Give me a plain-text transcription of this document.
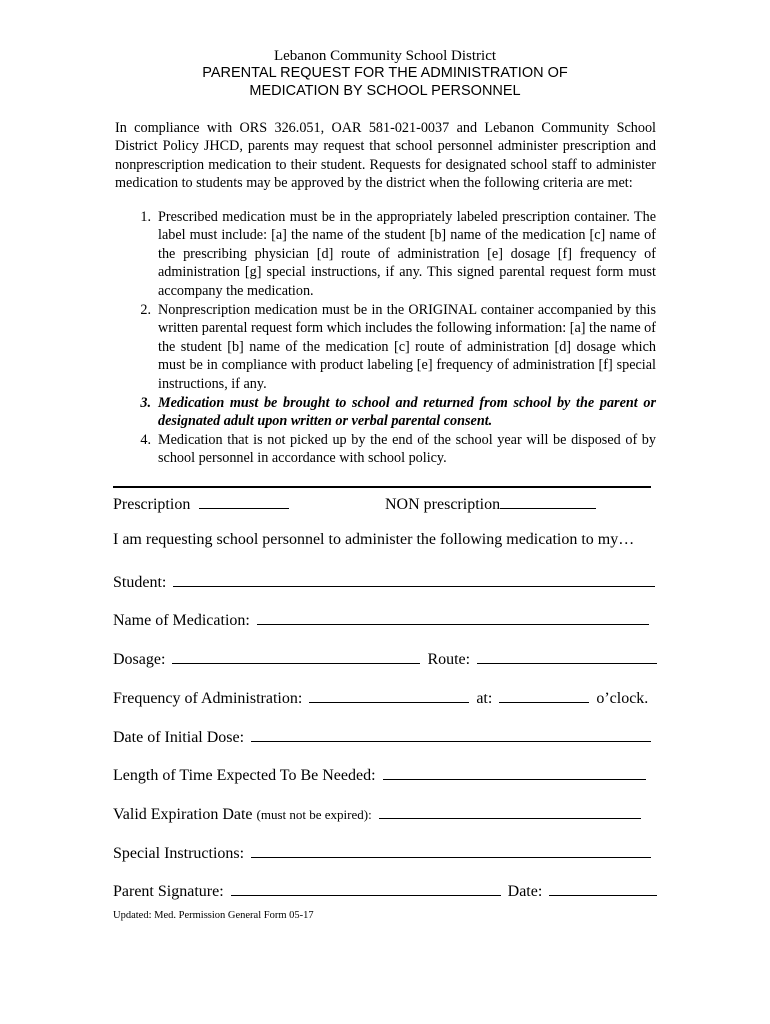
Lebanon Community School District
PARENTAL REQUEST FOR THE ADMINISTRATION OF
MEDICATION BY SCHOOL PERSONNEL
In compliance with ORS 326.051, OAR 581-021-0037 and Lebanon Community School District Policy JHCD, parents may request that school personnel administer prescription and nonprescription medication to their student. Requests for designated school staff to administer medication to students may be approved by the district when the following criteria are met:
1. Prescribed medication must be in the appropriately labeled prescription container. The label must include: [a] the name of the student [b] name of the medication [c] name of the prescribing physician [d] route of administration [e] dosage [f] frequency of administration [g] special instructions, if any. This signed parental request form must accompany the medication.
2. Nonprescription medication must be in the ORIGINAL container accompanied by this written parental request form which includes the following information: [a] the name of the student [b] name of the medication [c] route of administration [d] dosage which must be in compliance with product labeling [e] frequency of administration [f] special instructions, if any.
3. Medication must be brought to school and returned from school by the parent or designated adult upon written or verbal parental consent.
4. Medication that is not picked up by the end of the school year will be disposed of by school personnel in accordance with school policy.
Prescription	NON prescription
I am requesting school personnel to administer the following medication to my…
Student:
Name of Medication:
Dosage:	Route:
Frequency of Administration:	at:	o’clock.
Date of Initial Dose:
Length of Time Expected To Be Needed:
Valid Expiration Date (must not be expired):
Special Instructions:
Parent Signature:	Date:
Updated: Med. Permission General Form 05-17
